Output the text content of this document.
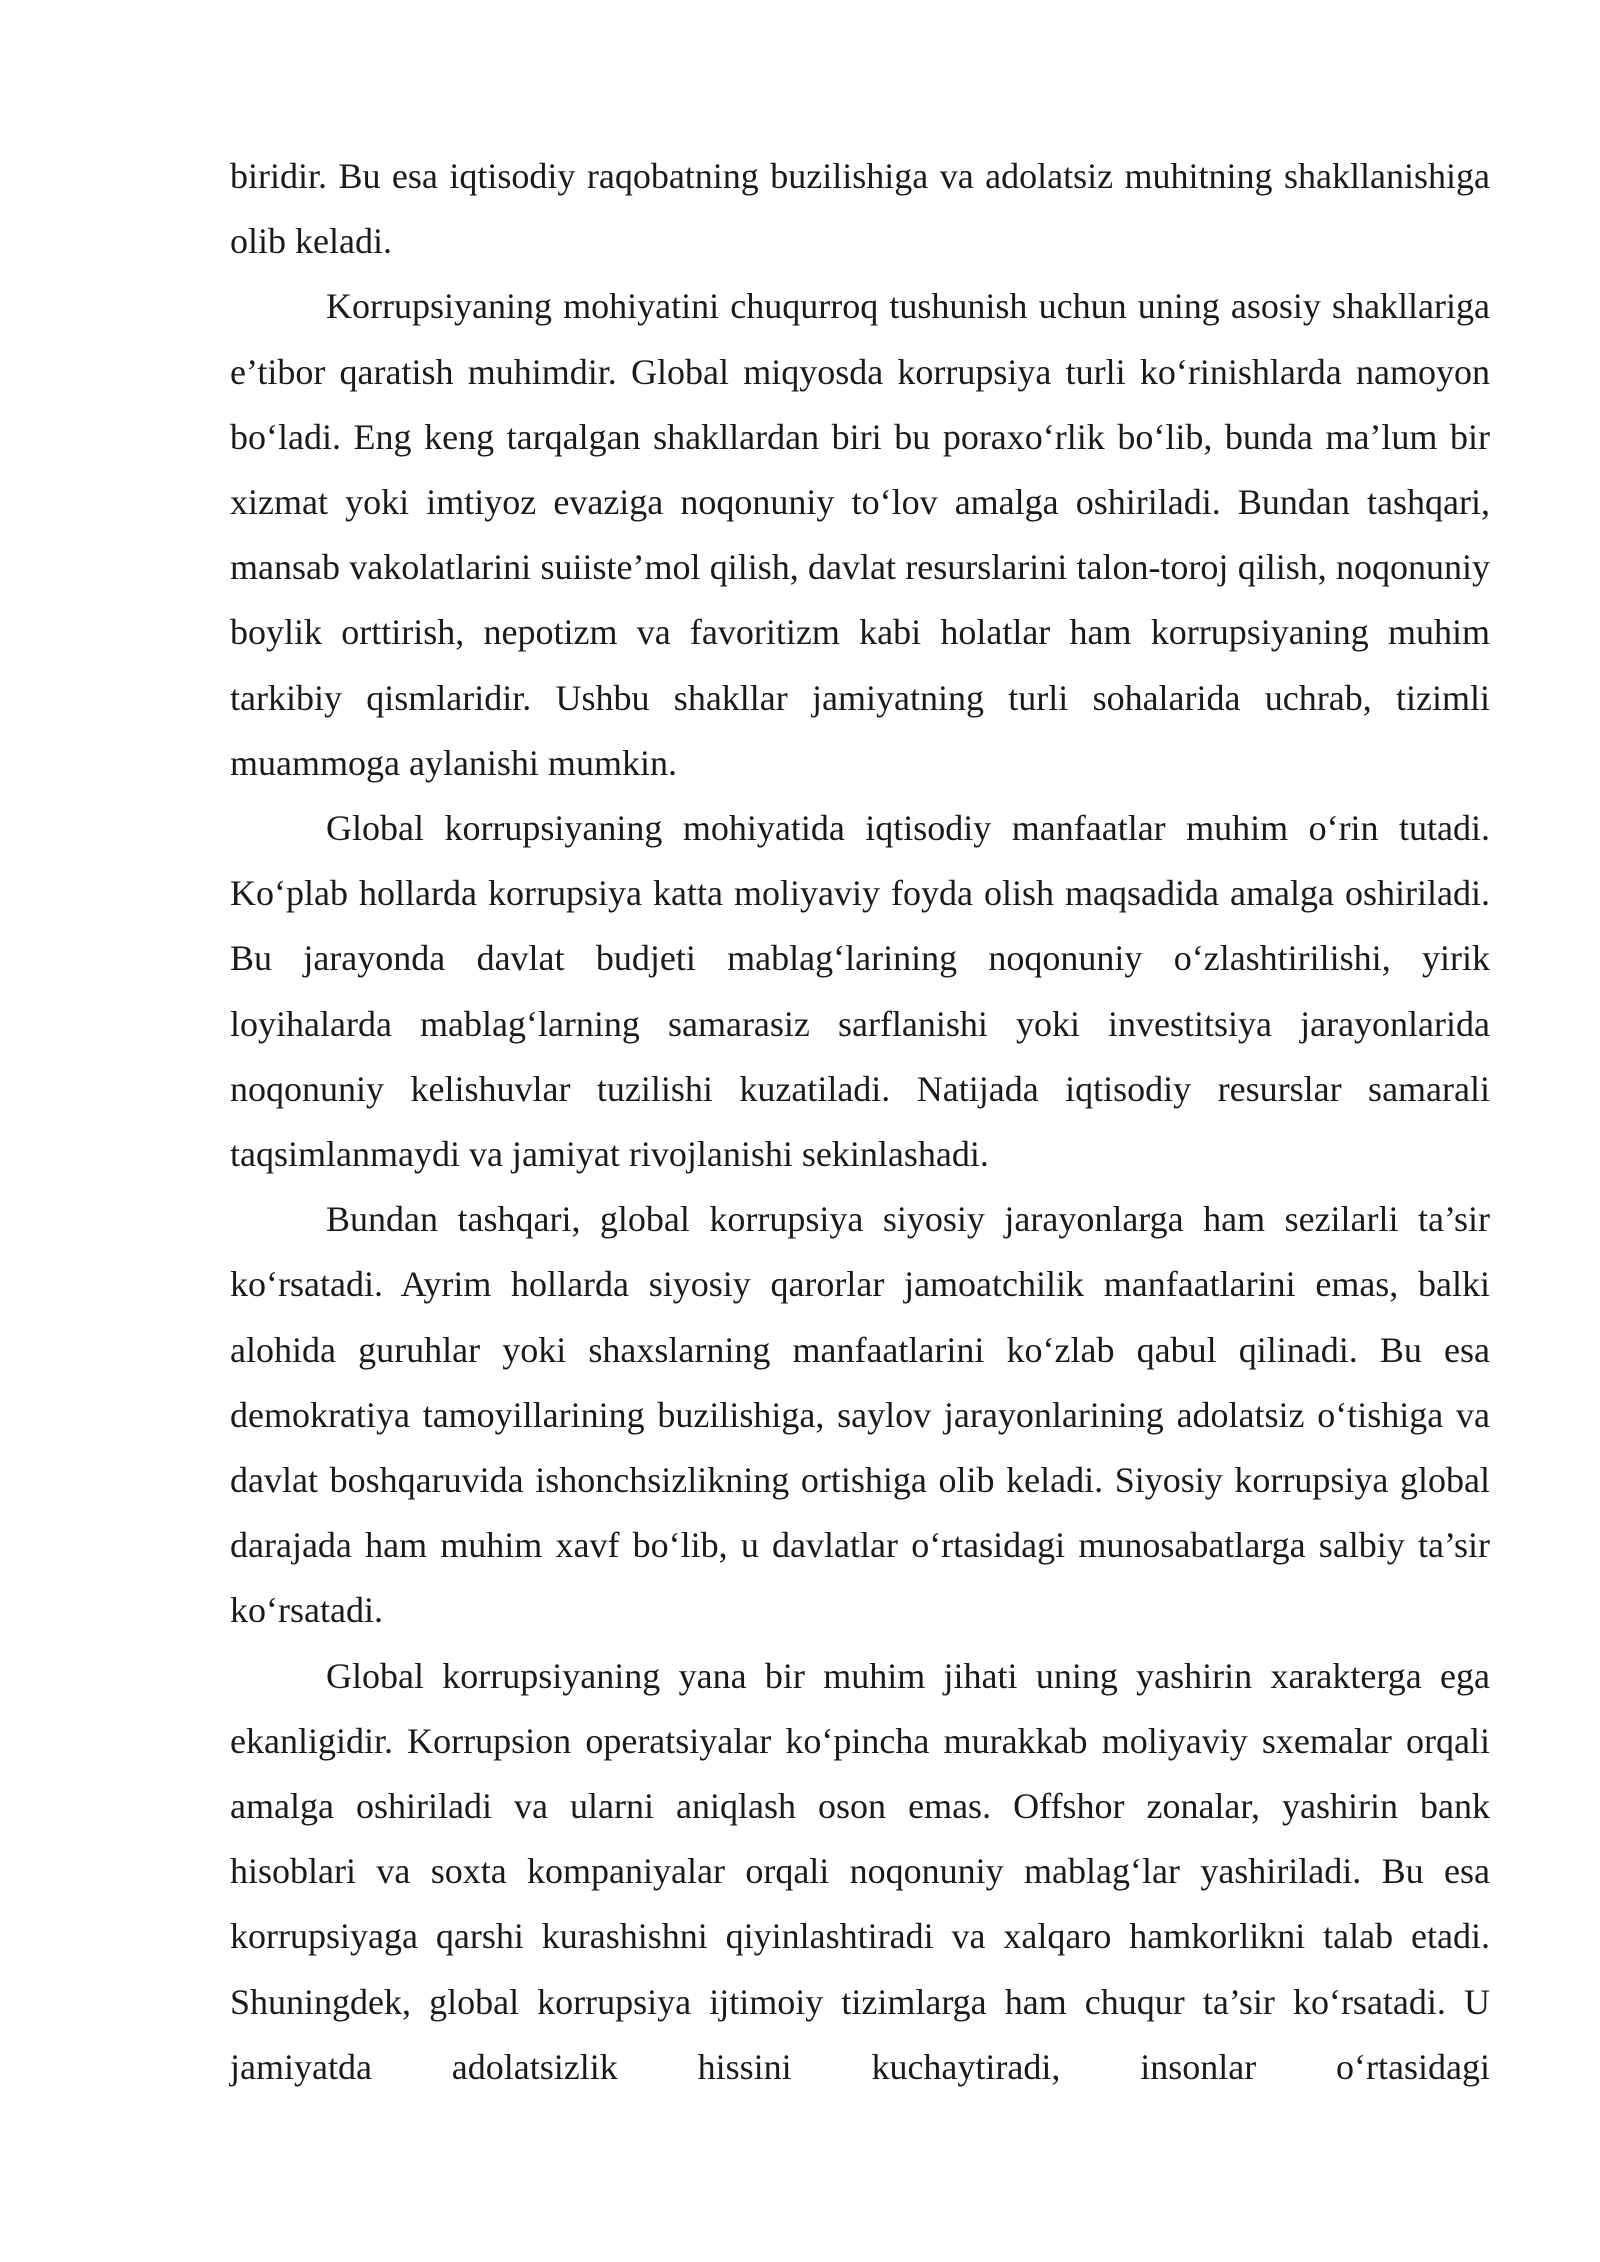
biridir. Bu esa iqtisodiy raqobatning buzilishiga va adolatsiz muhitning shakllanishiga olib keladi.

Korrupsiyaning mohiyatini chuqurroq tushunish uchun uning asosiy shakllariga e’tibor qaratish muhimdir. Global miqyosda korrupsiya turli ko‘rinishlarda namoyon bo‘ladi. Eng keng tarqalgan shakllardan biri bu poraxo‘rlik bo‘lib, bunda ma’lum bir xizmat yoki imtiyoz evaziga noqonuniy to‘lov amalga oshiriladi. Bundan tashqari, mansab vakolatlarini suiiste’mol qilish, davlat resurslarini talon-toroj qilish, noqonuniy boylik orttirish, nepotizm va favoritizm kabi holatlar ham korrupsiyaning muhim tarkibiy qismlaridir. Ushbu shakllar jamiyatning turli sohalarida uchrab, tizimli muammoga aylanishi mumkin.

Global korrupsiyaning mohiyatida iqtisodiy manfaatlar muhim o‘rin tutadi. Ko‘plab hollarda korrupsiya katta moliyaviy foyda olish maqsadida amalga oshiriladi. Bu jarayonda davlat budjeti mablag‘larining noqonuniy o‘zlashtirilishi, yirik loyihalarda mablag‘larning samarasiz sarflanishi yoki investitsiya jarayonlarida noqonuniy kelishuvlar tuzilishi kuzatiladi. Natijada iqtisodiy resurslar samarali taqsimlanmaydi va jamiyat rivojlanishi sekinlashadi.

Bundan tashqari, global korrupsiya siyosiy jarayonlarga ham sezilarli ta’sir ko‘rsatadi. Ayrim hollarda siyosiy qarorlar jamoatchilik manfaatlarini emas, balki alohida guruhlar yoki shaxslarning manfaatlarini ko‘zlab qabul qilinadi. Bu esa demokratiya tamoyillarining buzilishiga, saylov jarayonlarining adolatsiz o‘tishiga va davlat boshqaruvida ishonchsizlikning ortishiga olib keladi. Siyosiy korrupsiya global darajada ham muhim xavf bo‘lib, u davlatlar o‘rtasidagi munosabatlarga salbiy ta’sir ko‘rsatadi.

Global korrupsiyaning yana bir muhim jihati uning yashirin xarakterga ega ekanligidir. Korrupsion operatsiyalar ko‘pincha murakkab moliyaviy sxemalar orqali amalga oshiriladi va ularni aniqlash oson emas. Offshor zonalar, yashirin bank hisoblari va soxta kompaniyalar orqali noqonuniy mablag‘lar yashiriladi. Bu esa korrupsiyaga qarshi kurashishni qiyinlashtiradi va xalqaro hamkorlikni talab etadi. Shuningdek, global korrupsiya ijtimoiy tizimlarga ham chuqur ta’sir ko‘rsatadi. U jamiyatda adolatsizlik hissini kuchaytiradi, insonlar o‘rtasidagi
